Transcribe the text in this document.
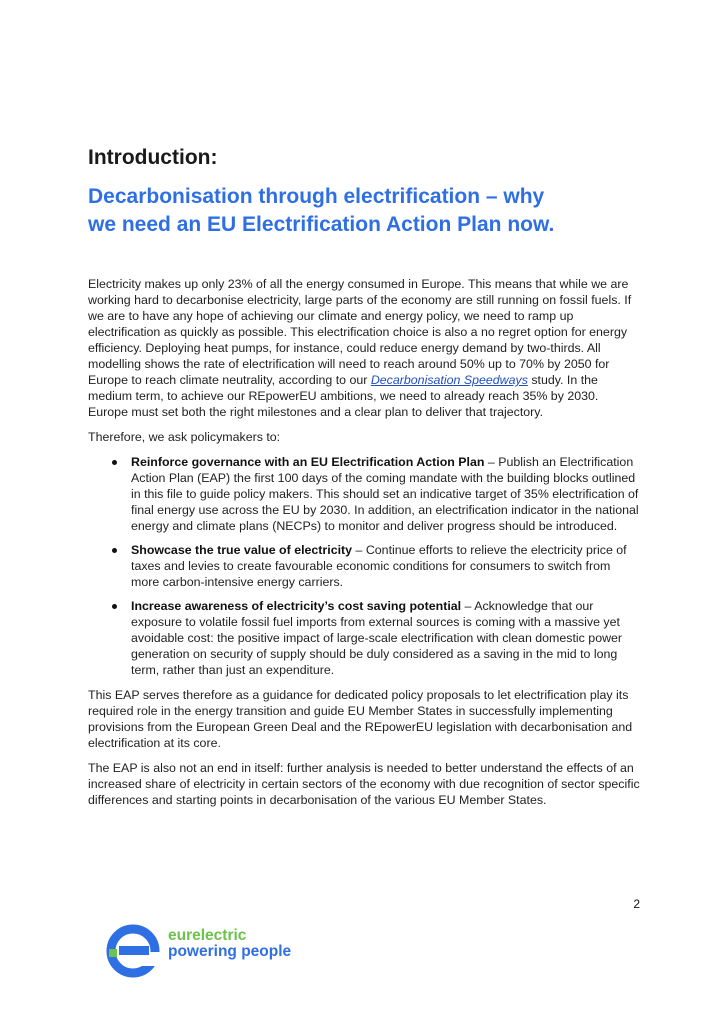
Introduction:
Decarbonisation through electrification – why
we need an EU Electrification Action Plan now.

Electricity makes up only 23% of all the energy consumed in Europe. This means that while we are working hard to decarbonise electricity, large parts of the economy are still running on fossil fuels. If we are to have any hope of achieving our climate and energy policy, we need to ramp up electrification as quickly as possible. This electrification choice is also a no regret option for energy efficiency. Deploying heat pumps, for instance, could reduce energy demand by two-thirds. All modelling shows the rate of electrification will need to reach around 50% up to 70% by 2050 for Europe to reach climate neutrality, according to our Decarbonisation Speedways study. In the medium term, to achieve our REpowerEU ambitions, we need to already reach 35% by 2030. Europe must set both the right milestones and a clear plan to deliver that trajectory.

Therefore, we ask policymakers to:

Reinforce governance with an EU Electrification Action Plan – Publish an Electrification Action Plan (EAP) the first 100 days of the coming mandate with the building blocks outlined in this file to guide policy makers. This should set an indicative target of 35% electrification of final energy use across the EU by 2030. In addition, an electrification indicator in the national energy and climate plans (NECPs) to monitor and deliver progress should be introduced.
Showcase the true value of electricity – Continue efforts to relieve the electricity price of taxes and levies to create favourable economic conditions for consumers to switch from more carbon-intensive energy carriers.
Increase awareness of electricity’s cost saving potential – Acknowledge that our exposure to volatile fossil fuel imports from external sources is coming with a massive yet avoidable cost: the positive impact of large-scale electrification with clean domestic power generation on security of supply should be duly considered as a saving in the mid to long term, rather than just an expenditure.

This EAP serves therefore as a guidance for dedicated policy proposals to let electrification play its required role in the energy transition and guide EU Member States in successfully implementing provisions from the European Green Deal and the REpowerEU legislation with decarbonisation and electrification at its core.

The EAP is also not an end in itself: further analysis is needed to better understand the effects of an increased share of electricity in certain sectors of the economy with due recognition of sector specific differences and starting points in decarbonisation of the various EU Member States.

2
eurelectric
powering people
